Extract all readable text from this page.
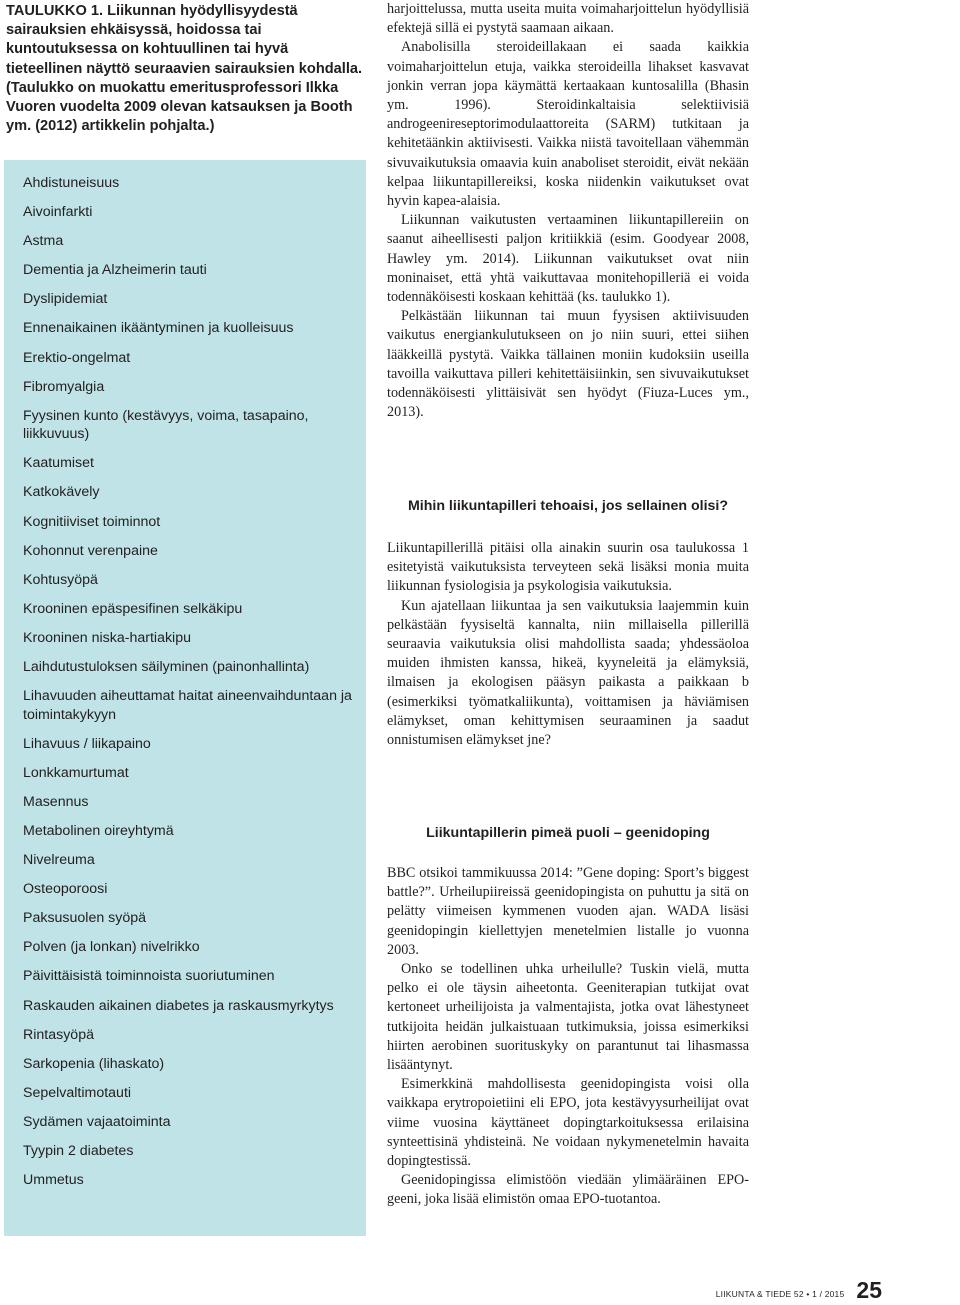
TAULUKKO 1. Liikunnan hyödyllisyydestä sairauksien ehkäisyssä, hoidossa tai kuntoutuksessa on kohtuullinen tai hyvä tieteellinen näyttö seuraavien sairauksien kohdalla. (Taulukko on muokattu emeritusprofessori Ilkka Vuoren vuodelta 2009 olevan katsauksen ja Booth ym. (2012) artikkelin pohjalta.)

Ahdistuneisuus
Aivoinfarkti
Astma
Dementia ja Alzheimerin tauti
Dyslipidemiat
Ennenaikainen ikääntyminen ja kuolleisuus
Erektio-ongelmat
Fibromyalgia
Fyysinen kunto (kestävyys, voima, tasapaino, liikkuvuus)
Kaatumiset
Katkokävely
Kognitiiviset toiminnot
Kohonnut verenpaine
Kohtusyöpä
Krooninen epäspesifinen selkäkipu
Krooninen niska-hartiakipu
Laihdutustuloksen säilyminen (painonhallinta)
Lihavuuden aiheuttamat haitat aineenvaihduntaan ja toimintakykyyn
Lihavuus / liikapaino
Lonkkamurtumat
Masennus
Metabolinen oireyhtymä
Nivelreuma
Osteoporoosi
Paksusuolen syöpä
Polven (ja lonkan) nivelrikko
Päivittäisistä toiminnoista suoriutuminen
Raskauden aikainen diabetes ja raskausmyrkytys
Rintasyöpä
Sarkopenia (lihaskato)
Sepelvaltimotauti
Sydämen vajaatoiminta
Tyypin 2 diabetes
Ummetus

harjoittelussa, mutta useita muita voimaharjoittelun hyödyllisiä efektejä sillä ei pystytä saamaan aikaan.

Anabolisilla steroideillakaan ei saada kaikkia voimaharjoittelun etuja, vaikka steroideilla lihakset kasvavat jonkin verran jopa käymättä kertaakaan kuntosalilla (Bhasin ym. 1996). Steroidinkaltaisia selektiivisiä androgeenireseptorimodulaattoreita (SARM) tutkitaan ja kehitetäänkin aktiivisesti. Vaikka niistä tavoitellaan vähemmän sivuvaikutuksia omaavia kuin anaboliset steroidit, eivät nekään kelpaa liikuntapillereiksi, koska niidenkin vaikutukset ovat hyvin kapea-alaisia.

Liikunnan vaikutusten vertaaminen liikuntapillereiin on saanut aiheellisesti paljon kritiikkiä (esim. Goodyear 2008, Hawley ym. 2014). Liikunnan vaikutukset ovat niin moninaiset, että yhtä vaikuttavaa monitehopilleriä ei voida todennäköisesti koskaan kehittää (ks. taulukko 1).

Pelkästään liikunnan tai muun fyysisen aktiivisuuden vaikutus energiankulutukseen on jo niin suuri, ettei siihen lääkkeillä pystytä. Vaikka tällainen moniin kudoksiin useilla tavoilla vaikuttava pilleri kehitettäisiinkin, sen sivuvaikutukset todennäköisesti ylittäisivät sen hyödyt (Fiuza-Luces ym., 2013).

Mihin liikuntapilleri tehoaisi, jos sellainen olisi?

Liikuntapillerillä pitäisi olla ainakin suurin osa taulukossa 1 esitetyistä vaikutuksista terveyteen sekä lisäksi monia muita liikunnan fysiologisia ja psykologisia vaikutuksia.

Kun ajatellaan liikuntaa ja sen vaikutuksia laajemmin kuin pelkästään fyysiseltä kannalta, niin millaisella pillerillä seuraavia vaikutuksia olisi mahdollista saada; yhdessäoloa muiden ihmisten kanssa, hikeä, kyyneleitä ja elämyksiä, ilmaisen ja ekologisen pääsyn paikasta a paikkaan b (esimerkiksi työmatkaliikunta), voittamisen ja häviämisen elämykset, oman kehittymisen seuraaminen ja saadut onnistumisen elämykset jne?

Liikuntapillerin pimeä puoli – geenidoping

BBC otsikoi tammikuussa 2014: ”Gene doping: Sport’s biggest battle?”. Urheilupiireissä geenidopingista on puhuttu ja sitä on pelätty viimeisen kymmenen vuoden ajan. WADA lisäsi geenidopingin kiellettyjen menetelmien listalle jo vuonna 2003.

Onko se todellinen uhka urheilulle? Tuskin vielä, mutta pelko ei ole täysin aiheetonta. Geeniterapian tutkijat ovat kertoneet urheilijoista ja valmentajista, jotka ovat lähestyneet tutkijoita heidän julkaistuaan tutkimuksia, joissa esimerkiksi hiirten aerobinen suorituskyky on parantunut tai lihasmassa lisääntynyt.

Esimerkkinä mahdollisesta geenidopingista voisi olla vaikkapa erytropoietiini eli EPO, jota kestävyysurheilijat ovat viime vuosina käyttäneet dopingtarkoituksessa erilaisina synteettisinä yhdisteinä. Ne voidaan nykymenetelmin havaita dopingtestissä.

Geenidopingissa elimistöön viedään ylimääräinen EPO-geeni, joka lisää elimistön omaa EPO-tuotantoa.

LIIKUNTA & TIEDE 52 • 1 / 2015 25
